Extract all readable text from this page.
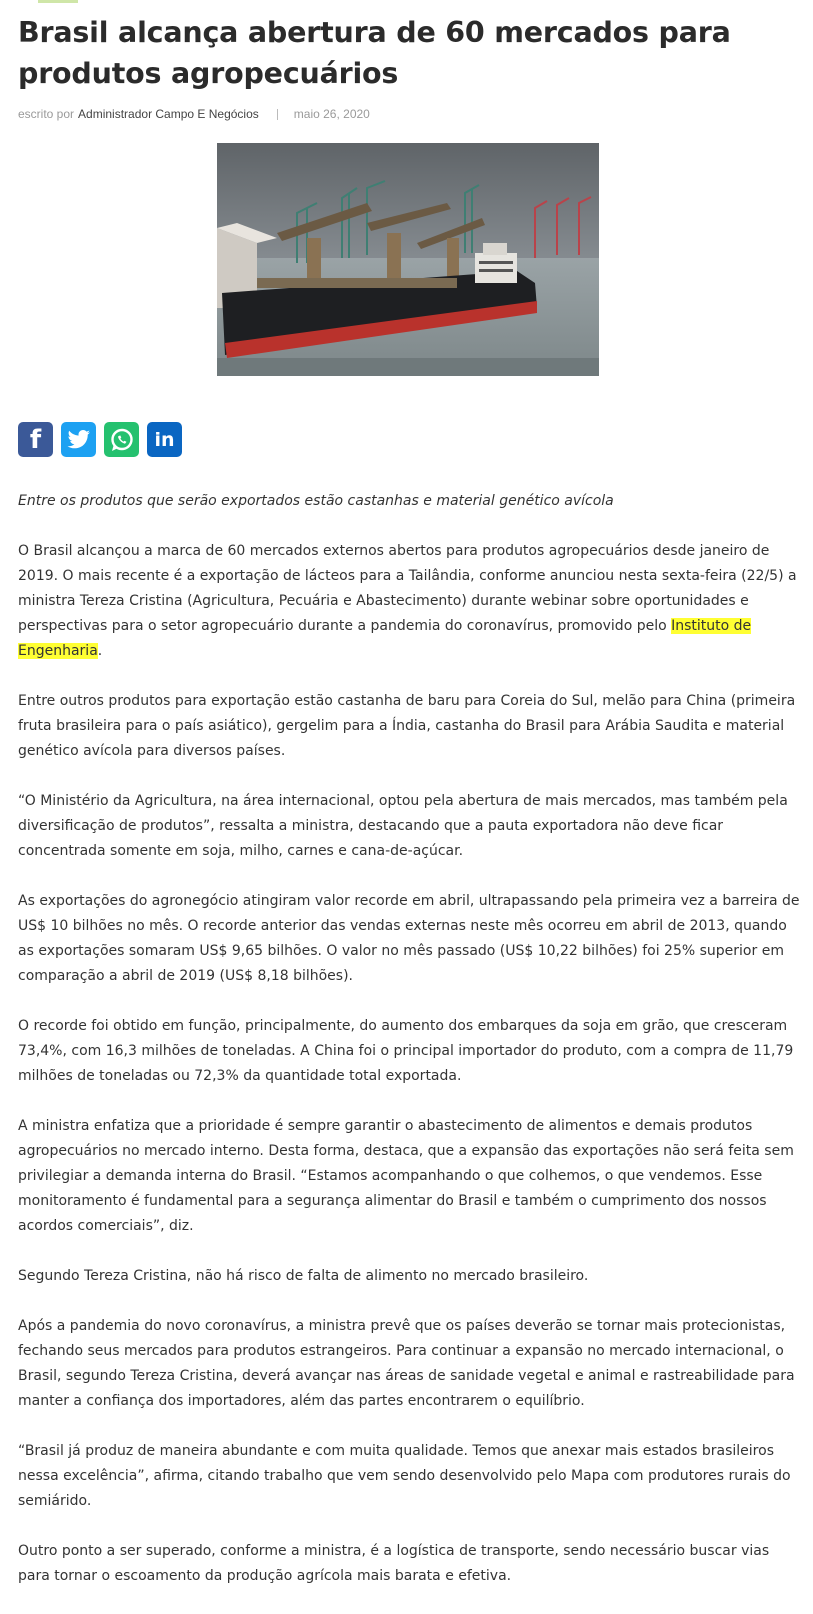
Brasil alcança abertura de 60 mercados para produtos agropecuários
escrito por Administrador Campo E Negócios	maio 26, 2020
f	in

Entre os produtos que serão exportados estão castanhas e material genético avícola

O Brasil alcançou a marca de 60 mercados externos abertos para produtos agropecuários desde janeiro de 2019. O mais recente é a exportação de lácteos para a Tailândia, conforme anunciou nesta sexta-feira (22/5) a ministra Tereza Cristina (Agricultura, Pecuária e Abastecimento) durante webinar sobre oportunidades e perspectivas para o setor agropecuário durante a pandemia do coronavírus, promovido pelo Instituto de Engenharia.

Entre outros produtos para exportação estão castanha de baru para Coreia do Sul, melão para China (primeira fruta brasileira para o país asiático), gergelim para a Índia, castanha do Brasil para Arábia Saudita e material genético avícola para diversos países.

“O Ministério da Agricultura, na área internacional, optou pela abertura de mais mercados, mas também pela diversificação de produtos”, ressalta a ministra, destacando que a pauta exportadora não deve ficar concentrada somente em soja, milho, carnes e cana-de-açúcar.

As exportações do agronegócio atingiram valor recorde em abril, ultrapassando pela primeira vez a barreira de US$ 10 bilhões no mês. O recorde anterior das vendas externas neste mês ocorreu em abril de 2013, quando as exportações somaram US$ 9,65 bilhões. O valor no mês passado (US$ 10,22 bilhões) foi 25% superior em comparação a abril de 2019 (US$ 8,18 bilhões).

O recorde foi obtido em função, principalmente, do aumento dos embarques da soja em grão, que cresceram 73,4%, com 16,3 milhões de toneladas. A China foi o principal importador do produto, com a compra de 11,79 milhões de toneladas ou 72,3% da quantidade total exportada.

A ministra enfatiza que a prioridade é sempre garantir o abastecimento de alimentos e demais produtos agropecuários no mercado interno. Desta forma, destaca, que a expansão das exportações não será feita sem privilegiar a demanda interna do Brasil. “Estamos acompanhando o que colhemos, o que vendemos. Esse monitoramento é fundamental para a segurança alimentar do Brasil e também o cumprimento dos nossos acordos comerciais”, diz.

Segundo Tereza Cristina, não há risco de falta de alimento no mercado brasileiro.

Após a pandemia do novo coronavírus, a ministra prevê que os países deverão se tornar mais protecionistas, fechando seus mercados para produtos estrangeiros. Para continuar a expansão no mercado internacional, o Brasil, segundo Tereza Cristina, deverá avançar nas áreas de sanidade vegetal e animal e rastreabilidade para manter a confiança dos importadores, além das partes encontrarem o equilíbrio.

“Brasil já produz de maneira abundante e com muita qualidade. Temos que anexar mais estados brasileiros nessa excelência”, afirma, citando trabalho que vem sendo desenvolvido pelo Mapa com produtores rurais do semiárido.

Outro ponto a ser superado, conforme a ministra, é a logística de transporte, sendo necessário buscar vias para tornar o escoamento da produção agrícola mais barata e efetiva.
